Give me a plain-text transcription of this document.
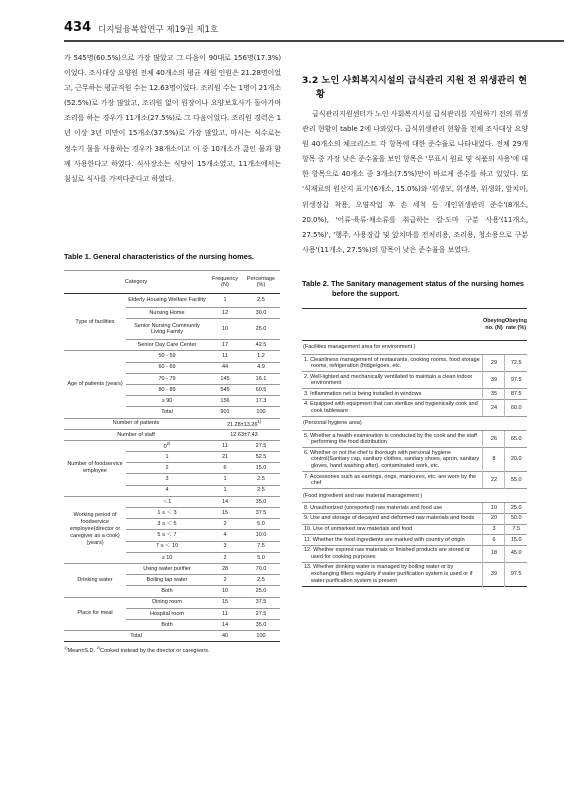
434 디지털융복합연구 제19권 제1호

가 545명(60.5%)으로 가장 많았고 그 다음이 90대로 156명(17.3%)이었다. 조사대상 요양원 전체 40개소의 평균 재원 인원은 21.28명이었고, 근무하는 평균직원 수는 12.63명이었다. 조리원 수는 1명이 21개소(52.5%)로 가장 많았고, 조리원 없이 원장이나 요양보호사가 돌아가며 조리를 하는 경우가 11개소(27.5%)로 그 다음이었다. 조리원 경력은 1년 이상 3년 미만이 15개소(37.5%)로 가장 많았고, 마시는 식수로는 정수기 물을 사용하는 경우가 38개소이고 이 중 10개소가 끓인 물과 함께 사용한다고 하였다. 식사장소는 식당이 15개소였고, 11개소에서는 침실로 식사를 가져다준다고 하였다.

Table 1. General characteristics of the nursing homes.
Category		Frequency (N)	Percentage (%)
Type of facilities	Elderly Housing Welfare Facility	1	2.5
	Nursing Home	12	30.0
	Senior Nursing Community Living Family	10	25.0
	Senior Day Care Center	17	42.5
Age of patients (years)	50 - 59	11	1.2
	60 - 69	44	4.9
	70 - 79	145	16.1
	80 - 89	545	60.5
	≥ 90	156	17.3
	Total	901	100
Number of patients		$21.28\pm 13.26^{1)}$
Number of staff		12.63±7.43	
Number of foodservice employee	0$^{2)}$	11	27.5
	1	21	52.5
	2	6	15.0
	3	1	2.5
	4	1	2.5
Working period of foodservice employee(director or caregiver as a cook) (years)	＜1	14	35.0
	1 ≤ ＜ 3	15	37.5
	3 ≤ ＜ 5	2	5.0
	5 ≤ ＜ 7	4	10.0
	7 ≤ ＜ 10	3	7.5
	≥ 10	2	5.0
Drinking water	Using water purifier	28	70.0
	Boiling tap water	2	2.5
	Both	10	25.0
Place for meal	Dining room	15	37.5
	Hospital room	11	27.5
	Both	14	35.0
Total		40	100
$^{1)}$Mean±S.D. $^{2)}$Cooked instead by the director or caregivers.
3.2 노인 사회복지시설의 급식관리 지원 전 위생관리 현황

급식관리지원센터가 노인 사회복지시설 급식관리를 지원하기 전의 위생관리 현황이 table 2에 나와있다. 급식위생관리 현황을 전체 조사대상 요양원 40개소의 체크리스트 각 항목에 대한 준수율로 나타내었다. 전체 29개 항목 중 가장 낮은 준수율을 보인 항목은 '무표시 원료 및 식품의 사용'에 대한 항목으로 40개소 중 3개소(7.5%)만이 바르게 준수를 하고 있었다. 또 '식재료의 원산지 표기'(6개소, 15.0%)와 '위생모, 위생복, 위생화, 앞치마, 위생장갑 착용, 오염작업 후 손 세척 등 개인위생관리 준수'(8개소, 20.0%), '어류·육류·채소류를 취급하는 칼·도마 구분 사용'(11개소, 27.5%)', '행주, 사용장갑 및 앞치마를 전처리용, 조리용, 청소용으로 구분 사용'(11개소, 27.5%)의 항목이 낮은 준수율을 보였다.

Table 2. The Sanitary management status of the nursing homes before the support.
	Obeying no. (N)	Obeying rate (%)
(Facilities management area for environment )		
1. Cleanliness management of restaurants, cooking rooms, food storage rooms, refrigeration (fridge/goes, etc.	29	72.5
2. Well-lighted and mechanically ventilated to maintain a clean indoor environment	39	97.5
3. Inflammation net is being installed in windows	35	87.5
4. Equipped with equipment that can sterilize and hygienically cook and cook tableware	24	60.0
(Personal hygiene area)		
5. Whether a health examination is conducted by the cook and the staff performing the food distribution	26	65.0
6. Whether or not the chef is thorough with personal hygiene control(Sanitary cap, sanitary clothes, sanitary shoes, apron, sanitary gloves, hand washing after). contaminated work, etc.	8	20.0
7. Accessories such as earrings, rings, manicures, etc. are worn by the chef	22	55.0
(Food ingredient and raw material management )		
8. Unauthorized (unreported) raw materials and food use	10	25.0
9. Use and storage of decayed and deformed raw materials and foods	20	50.0
10. Use of unmarked raw materials and food	3	7.5
11. Whether the food ingredients are marked with country of origin	6	15.0
12. Whether expired raw materials or finished products are stored or used for cooking purposes	18	45.0
13. Whether drinking water is managed by boiling water or by exchanging filters regularly if water purification system is used or if water purification system is present	39	97.5
